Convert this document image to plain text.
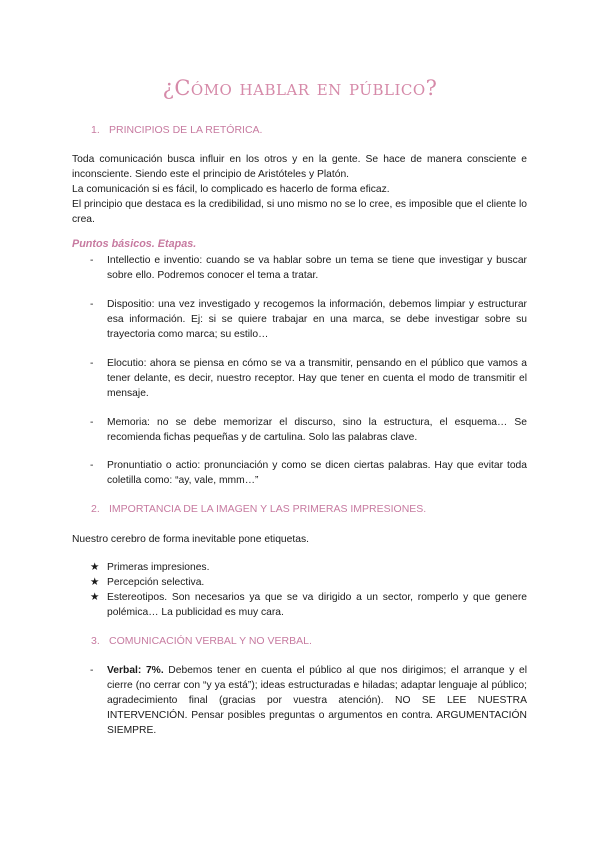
¿Cómo hablar en público?
1. PRINCIPIOS DE LA RETÓRICA.

Toda comunicación busca influir en los otros y en la gente. Se hace de manera consciente e inconsciente. Siendo este el principio de Aristóteles y Platón.

La comunicación si es fácil, lo complicado es hacerlo de forma eficaz.

El principio que destaca es la credibilidad, si uno mismo no se lo cree, es imposible que el cliente lo crea.

Puntos básicos. Etapas.
-	Intellectio e inventio: cuando se va hablar sobre un tema se tiene que investigar y buscar sobre ello. Podremos conocer el tema a tratar.
-	Dispositio: una vez investigado y recogemos la información, debemos limpiar y estructurar esa información. Ej: si se quiere trabajar en una marca, se debe investigar sobre su trayectoria como marca; su estilo…
-	Elocutio: ahora se piensa en cómo se va a transmitir, pensando en el público que vamos a tener delante, es decir, nuestro receptor. Hay que tener en cuenta el modo de transmitir el mensaje.
-	Memoria: no se debe memorizar el discurso, sino la estructura, el esquema… Se recomienda fichas pequeñas y de cartulina. Solo las palabras clave.
-	Pronuntiatio o actio: pronunciación y como se dicen ciertas palabras. Hay que evitar toda coletilla como: “ay, vale, mmm…”
2. IMPORTANCIA DE LA IMAGEN Y LAS PRIMERAS IMPRESIONES.

Nuestro cerebro de forma inevitable pone etiquetas.

★ Primeras impresiones.
★ Percepción selectiva.
★ Estereotipos. Son necesarios ya que se va dirigido a un sector, romperlo y que genere polémica… La publicidad es muy cara.
3. COMUNICACIÓN VERBAL Y NO VERBAL.
-	Verbal: 7%. Debemos tener en cuenta el público al que nos dirigimos; el arranque y el cierre (no cerrar con “y ya está”); ideas estructuradas e hiladas; adaptar lenguaje al público; agradecimiento final (gracias por vuestra atención). NO SE LEE NUESTRA INTERVENCIÓN. Pensar posibles preguntas o argumentos en contra. ARGUMENTACIÓN SIEMPRE.
